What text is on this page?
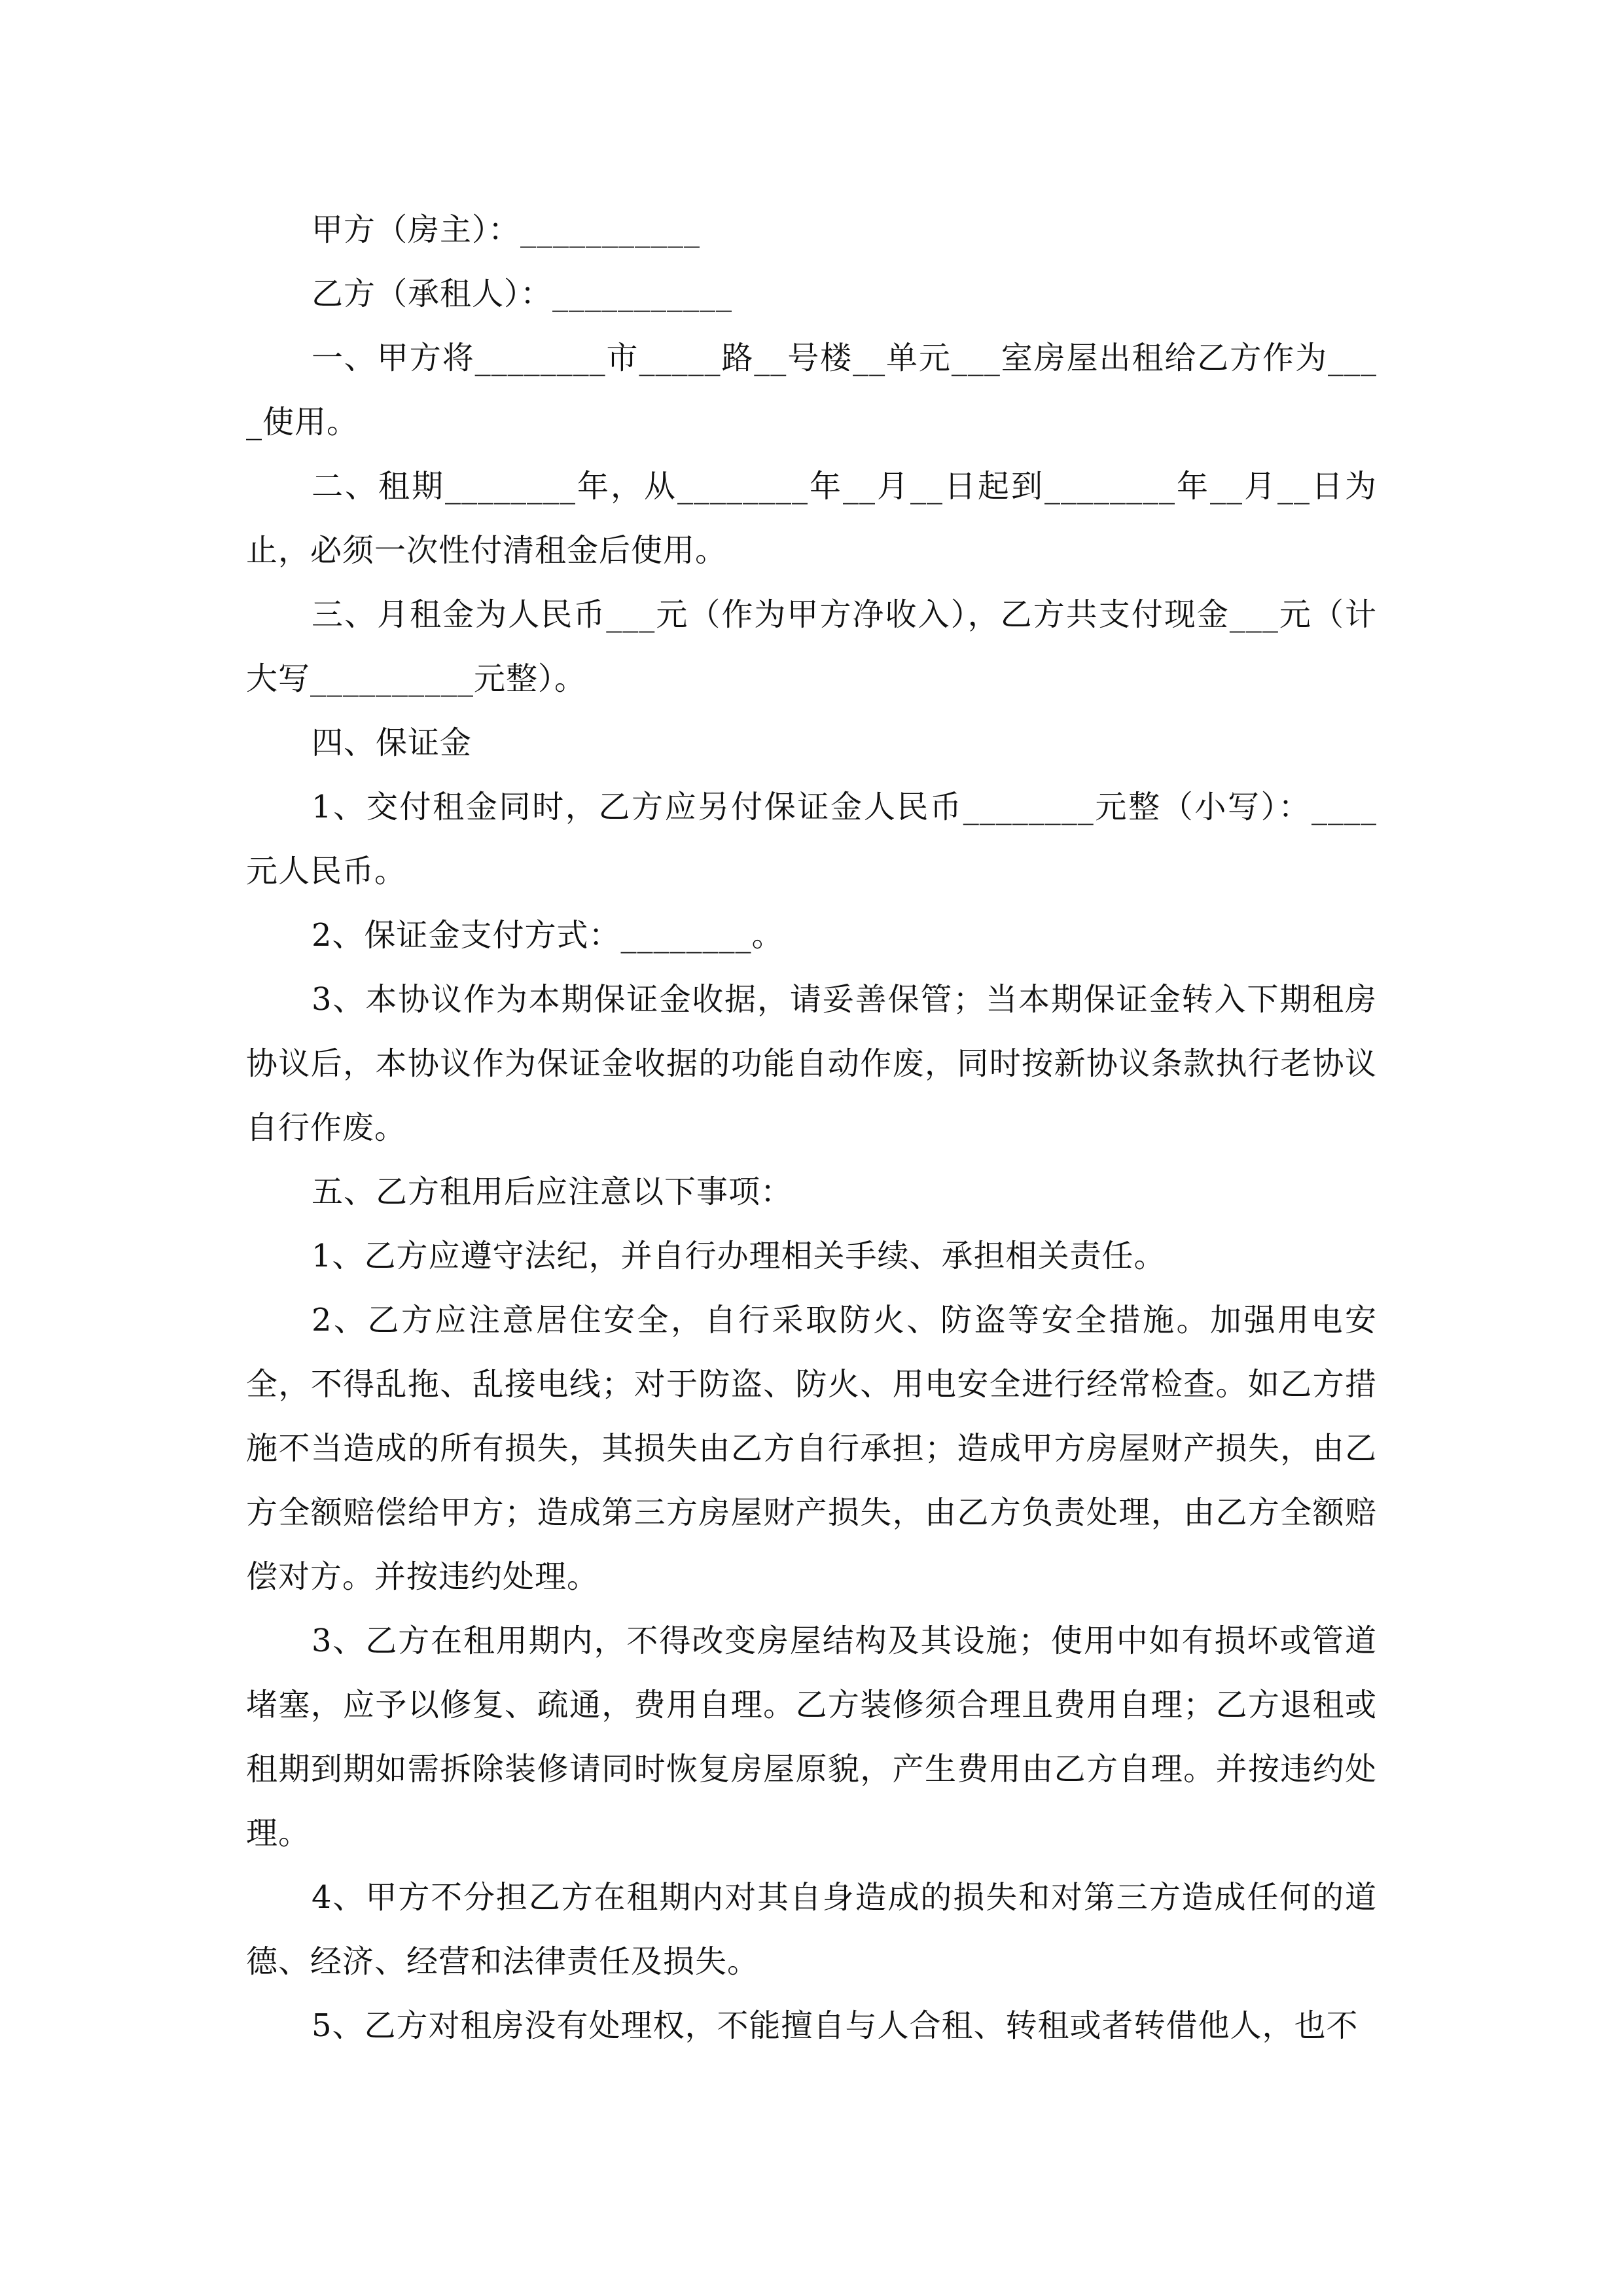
甲方（房主）：___________

乙方（承租人）：___________

一、甲方将________市_____路__号楼__单元___室房屋出租给乙方作为____使用。

二、租期________年，从________年__月__日起到________年__月__日为止，必须一次性付清租金后使用。

三、月租金为人民币___元（作为甲方净收入），乙方共支付现金___元（计大写__________元整）。

四、保证金

1、交付租金同时，乙方应另付保证金人民币________元整（小写）：____元人民币。

2、保证金支付方式：________。

3、本协议作为本期保证金收据，请妥善保管；当本期保证金转入下期租房协议后，本协议作为保证金收据的功能自动作废，同时按新协议条款执行老协议自行作废。

五、乙方租用后应注意以下事项：

1、乙方应遵守法纪，并自行办理相关手续、承担相关责任。

2、乙方应注意居住安全，自行采取防火、防盗等安全措施。加强用电安全，不得乱拖、乱接电线；对于防盗、防火、用电安全进行经常检查。如乙方措施不当造成的所有损失，其损失由乙方自行承担；造成甲方房屋财产损失，由乙方全额赔偿给甲方；造成第三方房屋财产损失，由乙方负责处理，由乙方全额赔偿对方。并按违约处理。

3、乙方在租用期内，不得改变房屋结构及其设施；使用中如有损坏或管道堵塞，应予以修复、疏通，费用自理。乙方装修须合理且费用自理；乙方退租或租期到期如需拆除装修请同时恢复房屋原貌，产生费用由乙方自理。并按违约处理。

4、甲方不分担乙方在租期内对其自身造成的损失和对第三方造成任何的道德、经济、经营和法律责任及损失。

5、乙方对租房没有处理权，不能擅自与人合租、转租或者转借他人，也不
